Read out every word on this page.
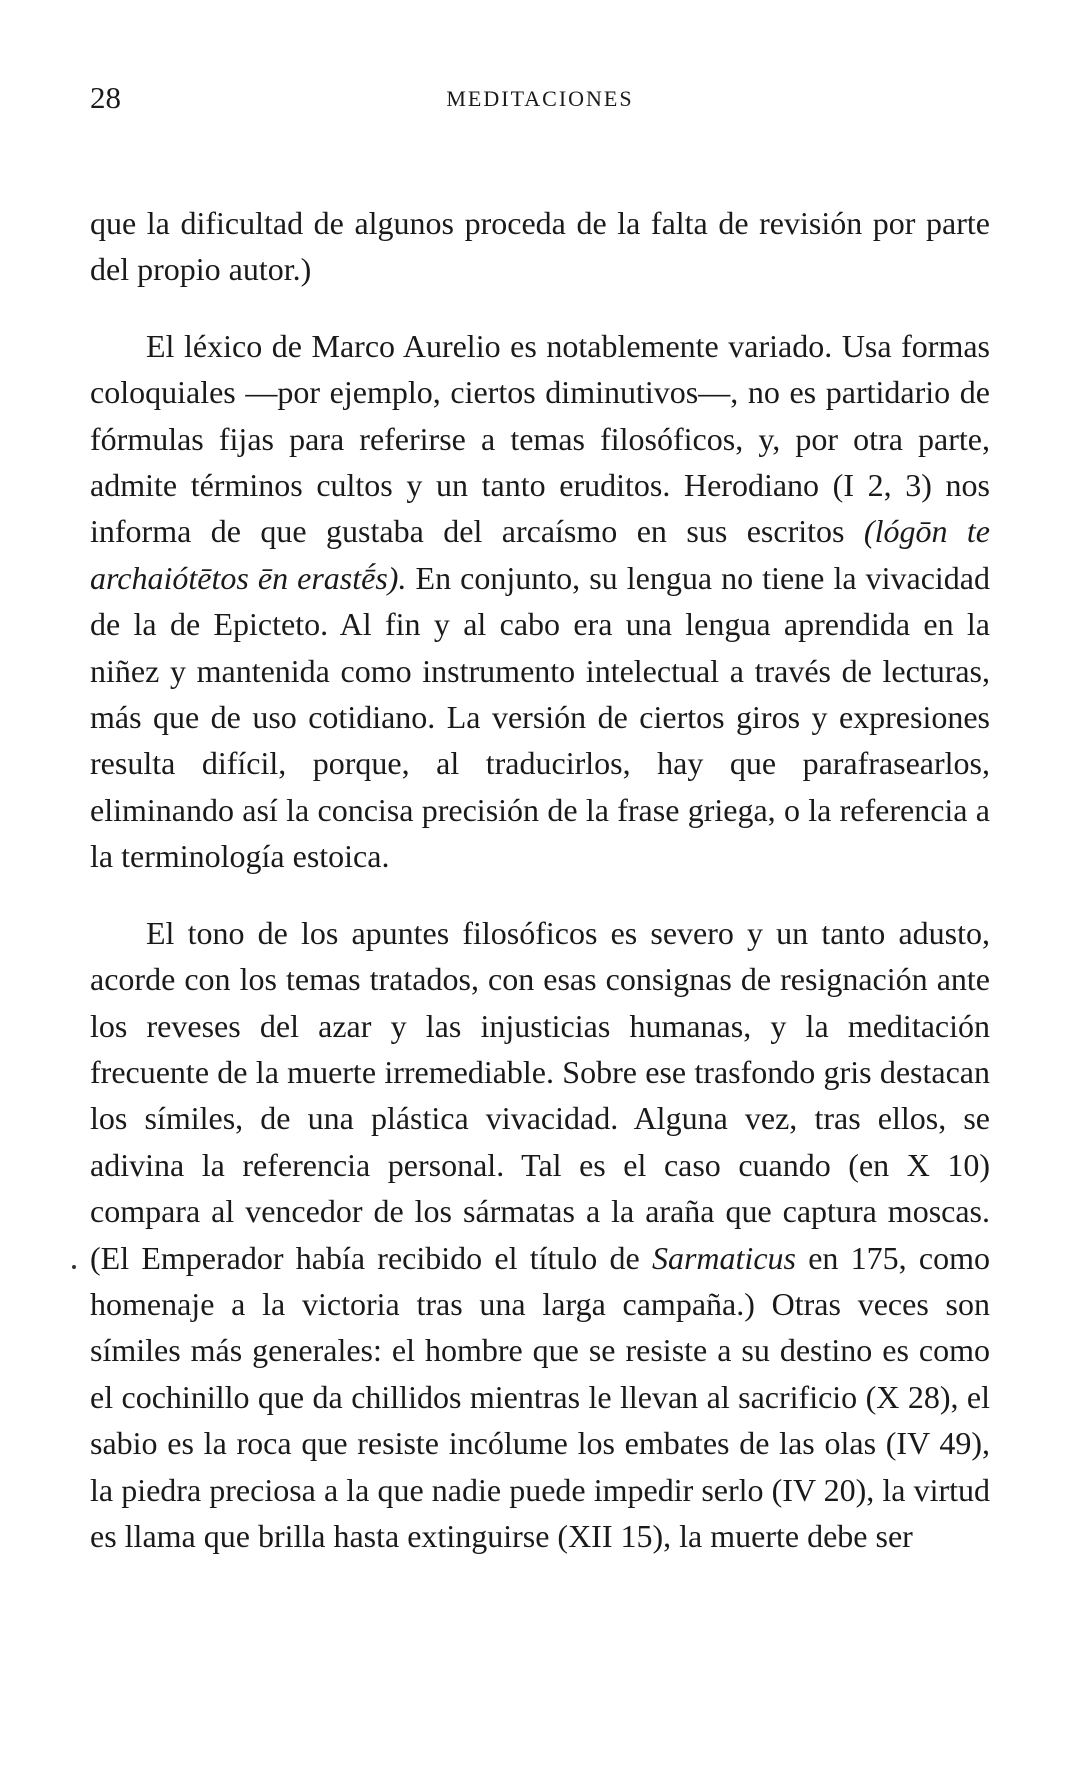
28	MEDITACIONES

que la dificultad de algunos proceda de la falta de revisión por parte del propio autor.)

El léxico de Marco Aurelio es notablemente variado. Usa formas coloquiales —por ejemplo, ciertos diminutivos—, no es partidario de fórmulas fijas para referirse a temas filosóficos, y, por otra parte, admite términos cultos y un tanto eruditos. Herodiano (I 2, 3) nos informa de que gustaba del arcaísmo en sus escritos (lógōn te archaiótētos ēn erastḗs). En conjunto, su lengua no tiene la vivacidad de la de Epicteto. Al fin y al cabo era una lengua aprendida en la niñez y mantenida como instrumento intelectual a través de lecturas, más que de uso cotidiano. La versión de ciertos giros y expresiones resulta difícil, porque, al traducirlos, hay que parafrasearlos, eliminando así la concisa precisión de la frase griega, o la referencia a la terminología estoica.

El tono de los apuntes filosóficos es severo y un tanto adusto, acorde con los temas tratados, con esas consignas de resignación ante los reveses del azar y las injusticias humanas, y la meditación frecuente de la muerte irremediable. Sobre ese trasfondo gris destacan los símiles, de una plástica vivacidad. Alguna vez, tras ellos, se adivina la referencia personal. Tal es el caso cuando (en X 10) compara al vencedor de los sármatas a la araña que captura moscas. (El Emperador había recibido el título de Sarmaticus en 175, como homenaje a la victoria tras una larga campaña.) Otras veces son símiles más generales: el hombre que se resiste a su destino es como el cochinillo que da chillidos mientras le llevan al sacrificio (X 28), el sabio es la roca que resiste incólume los embates de las olas (IV 49), la piedra preciosa a la que nadie puede impedir serlo (IV 20), la virtud es llama que brilla hasta extinguirse (XII 15), la muerte debe ser
